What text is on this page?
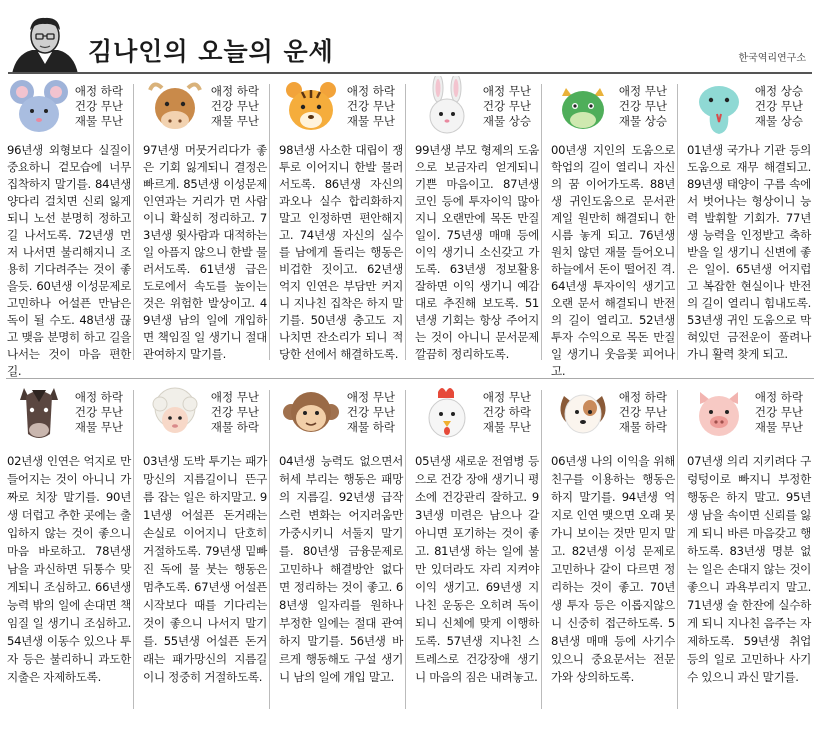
김나인의 오늘의 운세	한국역리연구소
애정 하락
건강 무난
재물 무난
96년생 외형보다 실질이 중요하니 겉모습에 너무 집착하지 말기를. 84년생 양다리 걸치면 신뢰 잃게 되니 노선 분명히 정하고 길 나서도록. 72년생 먼저 나서면 불리해지니 조용히 기다려주는 것이 좋을듯. 60년생 이성문제로 고민하나 어설픈 만남은 독이 될 수도. 48년생 끊고 맺음 분명히 하고 길을 나서는 것이 마음 편한 길.
애정 하락
건강 무난
재물 무난
97년생 머뭇거리다가 좋은 기회 잃게되니 결정은 빠르게. 85년생 이성문제 인연과는 거리가 먼 사람이니 확실히 정리하고. 73년생 윗사람과 대적하는 일 아픔지 않으니 한발 물러서도록. 61년생 급은 도로에서 속도를 높이는 것은 위험한 발상이고. 49년생 남의 일에 개입하면 책임질 일 생기니 절대 관여하지 말기를.
애정 하락
건강 무난
재물 무난
98년생 사소한 대립이 쟁투로 이어지니 한발 물러서도록. 86년생 자신의 과오나 실수 합리화하지 말고 인정하면 편안해지고. 74년생 자신의 실수를 남에게 돌리는 행동은 비겁한 짓이고. 62년생 억지 인연은 부담만 커지니 지나친 집착은 하지 말기를. 50년생 충고도 지나치면 잔소리가 되니 적당한 선에서 해결하도록.
애정 무난
건강 무난
재물 상승
99년생 부모 형제의 도움으로 보금자리 얻게되니 기쁜 마음이고. 87년생 코인 등에 투자이익 많아지니 오랜만에 목돈 만질 일이. 75년생 매매 등에 이익 생기니 소신갖고 가도록. 63년생 정보활용 잘하면 이익 생기니 예감대로 추진해 보도록. 51년생 기회는 항상 주어지는 것이 아니니 문서문제 깔끔히 정리하도록.
애정 무난
건강 무난
재물 상승
00년생 지인의 도움으로 학업의 길이 열리니 자신의 꿈 이어가도록. 88년생 귀인도움으로 문서관계일 원만히 해결되니 한시름 놓게 되고. 76년생 원치 않던 재물 들어오니 하늘에서 돈이 떨어진 격. 64년생 투자이익 생기고 오랜 문서 해결되니 반전의 길이 열리고. 52년생 투자 수익으로 목돈 만질 일 생기니 웃음꽃 피어나고.
애정 상승
건강 무난
재물 상승
01년생 국가나 기관 등의 도움으로 재무 해결되고. 89년생 태양이 구름 속에서 벗어나는 형상이니 능력 발휘할 기회가. 77년생 능력을 인정받고 축하받을 일 생기니 신변에 좋은 일이. 65년생 어지럽고 복잡한 현실이나 반전의 길이 열리니 힘내도록. 53년생 귀인 도움으로 막혀있던 금전운이 풀려나가니 활력 찾게 되고.
애정 하락
건강 무난
재물 무난
02년생 인연은 억지로 만들어지는 것이 아니니 가짜로 치장 말기를. 90년생 더럽고 추한 곳에는 출입하지 않는 것이 좋으니 마음 바로하고. 78년생 남을 과신하면 뒤통수 맞게되니 조심하고. 66년생 능력 밖의 일에 손대면 책임질 일 생기니 조심하고. 54년생 이동수 있으나 투자 등은 불리하니 과도한 지출은 자제하도록.
애정 무난
건강 무난
재물 하락
03년생 도박 투기는 패가망신의 지름길이니 뜬구름 잡는 일은 하지말고. 91년생 어설픈 돈거래는 손실로 이어지니 단호히 거절하도록. 79년생 밑빠진 독에 물 붓는 행동은 멈추도록. 67년생 어설픈 시작보다 때를 기다리는 것이 좋으니 나서지 말기를. 55년생 어설픈 돈거래는 패가망신의 지름길이니 정중히 거절하도록.
애정 무난
건강 무난
재물 하락
04년생 능력도 없으면서 허세 부리는 행동은 패망의 지름길. 92년생 급작스런 변화는 어지러움만 가중시키니 서둘지 말기를. 80년생 금융문제로 고민하나 해결방안 없다면 정리하는 것이 좋고. 68년생 일자리를 원하나 부정한 일에는 절대 관여하지 말기를. 56년생 바르게 행동해도 구설 생기니 남의 일에 개입 말고.
애정 무난
건강 하락
재물 무난
05년생 새로운 전염병 등으로 건강 장애 생기니 평소에 건강관리 잘하고. 93년생 미련은 남으나 갈 아니면 포기하는 것이 좋고. 81년생 하는 일에 불만 있더라도 자리 지켜야 이익 생기고. 69년생 지나친 운동은 오히려 독이 되니 신체에 맞게 이행하도록. 57년생 지나친 스트레스로 건강장애 생기니 마음의 짐은 내려놓고.
애정 하락
건강 무난
재물 하락
06년생 나의 이익을 위해 친구를 이용하는 행동은 하지 말기를. 94년생 억지로 인연 맺으면 오래 못가니 보이는 것만 믿지 말고. 82년생 이성 문제로 고민하나 갈이 다르면 정리하는 것이 좋고. 70년생 투자 등은 이롭지않으니 신중히 접근하도록. 58년생 매매 등에 사기수 있으니 중요문서는 전문가와 상의하도록.
애정 하락
건강 무난
재물 무난
07년생 의리 지키려다 구렁텅이로 빠지니 부정한 행동은 하지 말고. 95년생 남을 속이면 신뢰를 잃게 되니 바른 마음갖고 행하도록. 83년생 명분 없는 일은 손대지 않는 것이 좋으니 과욕부리지 말고. 71년생 술 한잔에 실수하게 되니 지나친 음주는 자제하도록. 59년생 취업 등의 일로 고민하나 사기수 있으니 과신 말기를.
